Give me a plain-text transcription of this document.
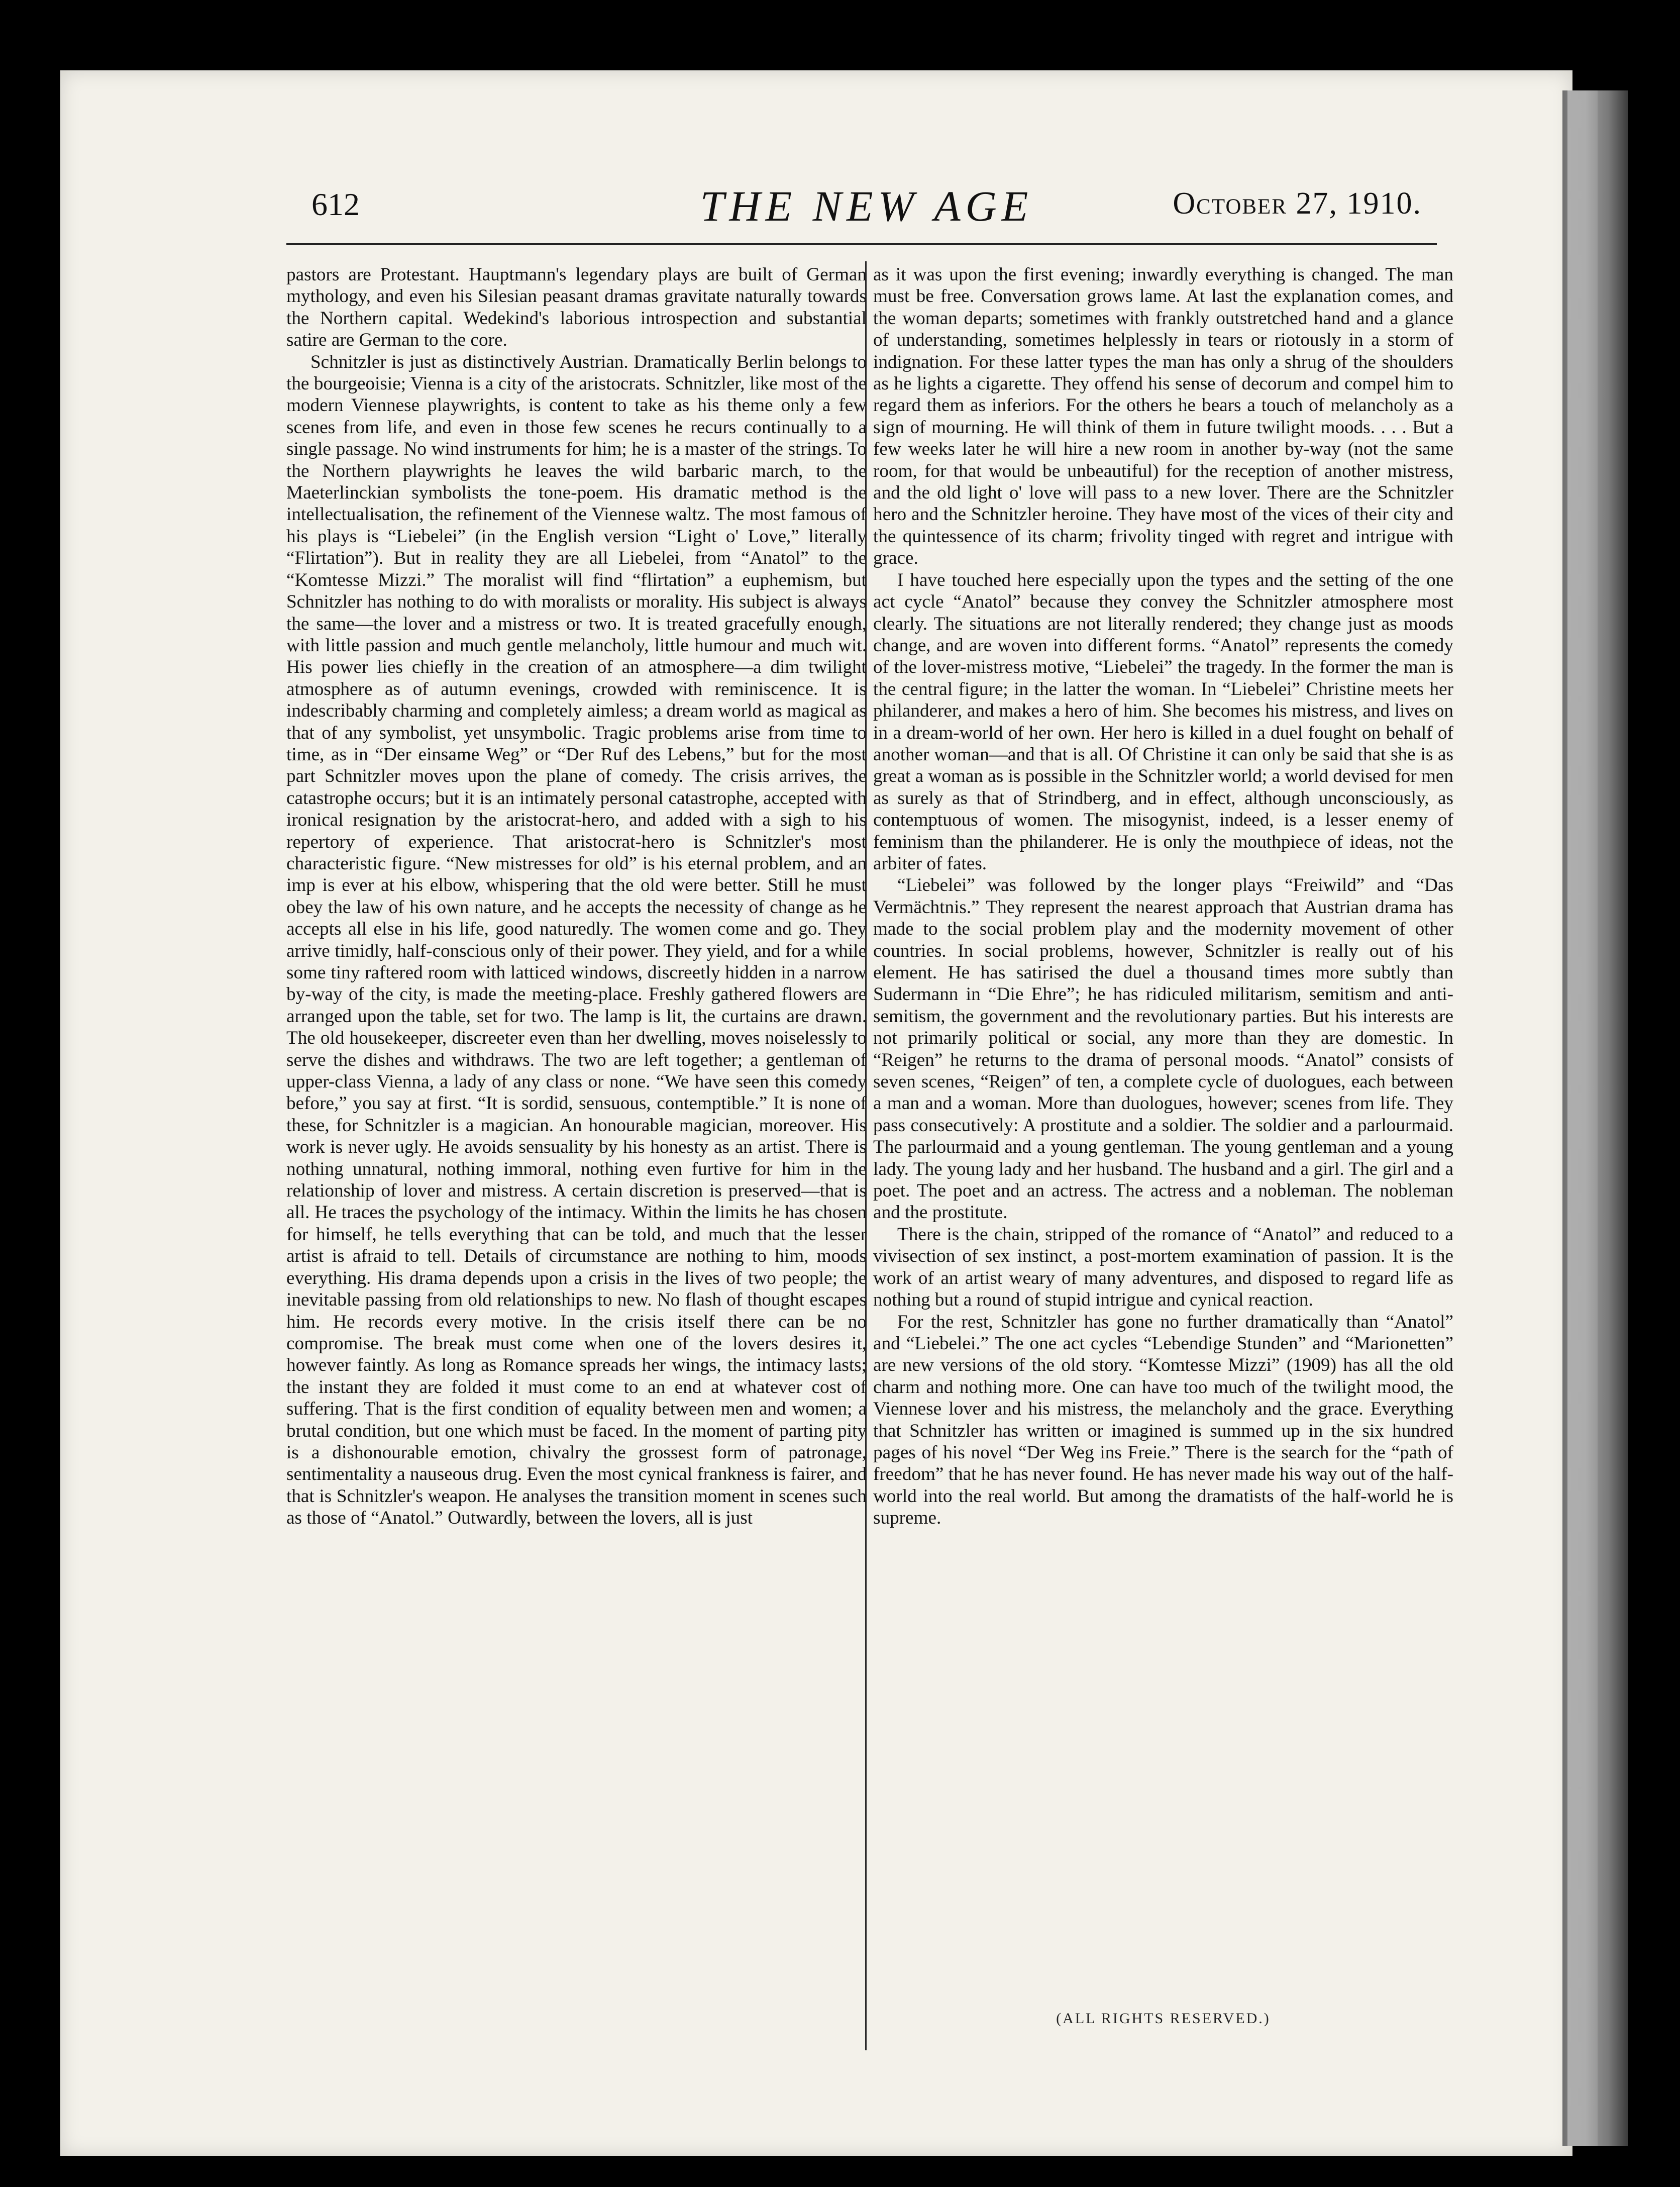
612	THE NEW AGE	October 27, 1910.

pastors are Protestant. Hauptmann's legendary plays are built of German mythology, and even his Silesian peasant dramas gravitate naturally towards the Northern capital. Wedekind's laborious introspection and substantial satire are German to the core.

Schnitzler is just as distinctively Austrian. Dramatically Berlin belongs to the bourgeoisie; Vienna is a city of the aristocrats. Schnitzler, like most of the modern Viennese playwrights, is content to take as his theme only a few scenes from life, and even in those few scenes he recurs continually to a single passage. No wind instruments for him; he is a master of the strings. To the Northern playwrights he leaves the wild barbaric march, to the Maeterlinckian symbolists the tone-poem. His dramatic method is the intellectualisation, the refinement of the Viennese waltz. The most famous of his plays is “Liebelei” (in the English version “Light o' Love,” literally “Flirtation”). But in reality they are all Liebelei, from “Anatol” to the “Komtesse Mizzi.” The moralist will find “flirtation” a euphemism, but Schnitzler has nothing to do with moralists or morality. His subject is always the same—the lover and a mistress or two. It is treated gracefully enough, with little passion and much gentle melancholy, little humour and much wit. His power lies chiefly in the creation of an atmosphere—a dim twilight atmosphere as of autumn evenings, crowded with reminiscence. It is indescribably charming and completely aimless; a dream world as magical as that of any symbolist, yet unsymbolic. Tragic problems arise from time to time, as in “Der einsame Weg” or “Der Ruf des Lebens,” but for the most part Schnitzler moves upon the plane of comedy. The crisis arrives, the catastrophe occurs; but it is an intimately personal catastrophe, accepted with ironical resignation by the aristocrat-hero, and added with a sigh to his repertory of experience. That aristocrat-hero is Schnitzler's most characteristic figure. “New mistresses for old” is his eternal problem, and an imp is ever at his elbow, whispering that the old were better. Still he must obey the law of his own nature, and he accepts the necessity of change as he accepts all else in his life, good naturedly. The women come and go. They arrive timidly, half-conscious only of their power. They yield, and for a while some tiny raftered room with latticed windows, discreetly hidden in a narrow by-way of the city, is made the meeting-place. Freshly gathered flowers are arranged upon the table, set for two. The lamp is lit, the curtains are drawn. The old housekeeper, discreeter even than her dwelling, moves noiselessly to serve the dishes and withdraws. The two are left together; a gentleman of upper-class Vienna, a lady of any class or none. “We have seen this comedy before,” you say at first. “It is sordid, sensuous, contemptible.” It is none of these, for Schnitzler is a magician. An honourable magician, moreover. His work is never ugly. He avoids sensuality by his honesty as an artist. There is nothing unnatural, nothing immoral, nothing even furtive for him in the relationship of lover and mistress. A certain discretion is preserved—that is all. He traces the psychology of the intimacy. Within the limits he has chosen for himself, he tells everything that can be told, and much that the lesser artist is afraid to tell. Details of circumstance are nothing to him, moods everything. His drama depends upon a crisis in the lives of two people; the inevitable passing from old relationships to new. No flash of thought escapes him. He records every motive. In the crisis itself there can be no compromise. The break must come when one of the lovers desires it, however faintly. As long as Romance spreads her wings, the intimacy lasts; the instant they are folded it must come to an end at whatever cost of suffering. That is the first condition of equality between men and women; a brutal condition, but one which must be faced. In the moment of parting pity is a dishonourable emotion, chivalry the grossest form of patronage, sentimentality a nauseous drug. Even the most cynical frankness is fairer, and that is Schnitzler's weapon. He analyses the transition moment in scenes such as those of “Anatol.” Outwardly, between the lovers, all is just

as it was upon the first evening; inwardly everything is changed. The man must be free. Conversation grows lame. At last the explanation comes, and the woman departs; sometimes with frankly outstretched hand and a glance of understanding, sometimes helplessly in tears or riotously in a storm of indignation. For these latter types the man has only a shrug of the shoulders as he lights a cigarette. They offend his sense of decorum and compel him to regard them as inferiors. For the others he bears a touch of melancholy as a sign of mourning. He will think of them in future twilight moods. . . . But a few weeks later he will hire a new room in another by-way (not the same room, for that would be unbeautiful) for the reception of another mistress, and the old light o' love will pass to a new lover. There are the Schnitzler hero and the Schnitzler heroine. They have most of the vices of their city and the quintessence of its charm; frivolity tinged with regret and intrigue with grace.

I have touched here especially upon the types and the setting of the one act cycle “Anatol” because they convey the Schnitzler atmosphere most clearly. The situations are not literally rendered; they change just as moods change, and are woven into different forms. “Anatol” represents the comedy of the lover-mistress motive, “Liebelei” the tragedy. In the former the man is the central figure; in the latter the woman. In “Liebelei” Christine meets her philanderer, and makes a hero of him. She becomes his mistress, and lives on in a dream-world of her own. Her hero is killed in a duel fought on behalf of another woman—and that is all. Of Christine it can only be said that she is as great a woman as is possible in the Schnitzler world; a world devised for men as surely as that of Strindberg, and in effect, although unconsciously, as contemptuous of women. The misogynist, indeed, is a lesser enemy of feminism than the philanderer. He is only the mouthpiece of ideas, not the arbiter of fates.

“Liebelei” was followed by the longer plays “Freiwild” and “Das Vermächtnis.” They represent the nearest approach that Austrian drama has made to the social problem play and the modernity movement of other countries. In social problems, however, Schnitzler is really out of his element. He has satirised the duel a thousand times more subtly than Sudermann in “Die Ehre”; he has ridiculed militarism, semitism and anti-semitism, the government and the revolutionary parties. But his interests are not primarily political or social, any more than they are domestic. In “Reigen” he returns to the drama of personal moods. “Anatol” consists of seven scenes, “Reigen” of ten, a complete cycle of duologues, each between a man and a woman. More than duologues, however; scenes from life. They pass consecutively: A prostitute and a soldier. The soldier and a parlourmaid. The parlourmaid and a young gentleman. The young gentleman and a young lady. The young lady and her husband. The husband and a girl. The girl and a poet. The poet and an actress. The actress and a nobleman. The nobleman and the prostitute.

There is the chain, stripped of the romance of “Anatol” and reduced to a vivisection of sex instinct, a post-mortem examination of passion. It is the work of an artist weary of many adventures, and disposed to regard life as nothing but a round of stupid intrigue and cynical reaction.

For the rest, Schnitzler has gone no further dramatically than “Anatol” and “Liebelei.” The one act cycles “Lebendige Stunden” and “Marionetten” are new versions of the old story. “Komtesse Mizzi” (1909) has all the old charm and nothing more. One can have too much of the twilight mood, the Viennese lover and his mistress, the melancholy and the grace. Everything that Schnitzler has written or imagined is summed up in the six hundred pages of his novel “Der Weg ins Freie.” There is the search for the “path of freedom” that he has never found. He has never made his way out of the half-world into the real world. But among the dramatists of the half-world he is supreme.

(ALL RIGHTS RESERVED.)
